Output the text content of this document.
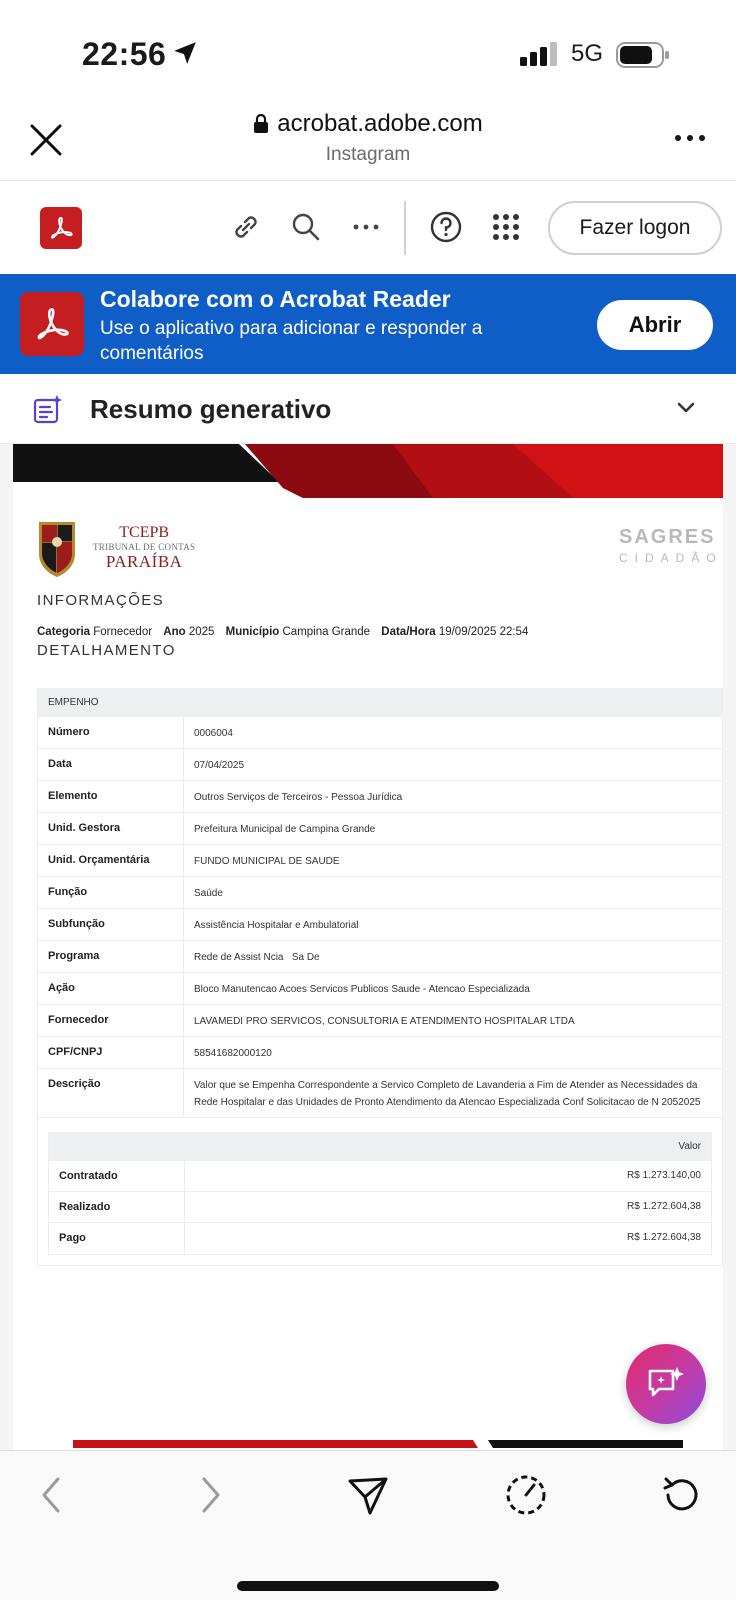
22:56	5G
acrobat.adobe.com
Instagram
Fazer logon
Colabore com o Acrobat Reader
Use o aplicativo para adicionar e responder a comentários
Abrir
Resumo generativo
TCEPB
TRIBUNAL DE CONTAS
PARAÍBA
SAGRES
CIDADÃO
INFORMAÇÕES
Categoria Fornecedor Ano 2025 Município Campina Grande Data/Hora 19/09/2025 22:54
DETALHAMENTO
EMPENHO
Número	0006004
Data	07/04/2025
Elemento	Outros Serviços de Terceiros - Pessoa Jurídica
Unid. Gestora	Prefeitura Municipal de Campina Grande
Unid. Orçamentária	FUNDO MUNICIPAL DE SAUDE
Função	Saúde
Subfunção	Assistência Hospitalar e Ambulatorial
Programa	Rede de Assist Ncia   Sa De
Ação	Bloco Manutencao Acoes Servicos Publicos Saude - Atencao Especializada
Fornecedor	LAVAMEDI PRO SERVICOS, CONSULTORIA E ATENDIMENTO HOSPITALAR LTDA
CPF/CNPJ	58541682000120
Descrição	Valor que se Empenha Correspondente a Servico Completo de Lavanderia a Fim de Atender as Necessidades da Rede Hospitalar e das Unidades de Pronto Atendimento da Atencao Especializada Conf Solicitacao de N 2052025
Valor
Contratado	R$ 1.273.140,00
Realizado	R$ 1.272.604,38
Pago	R$ 1.272.604,38
